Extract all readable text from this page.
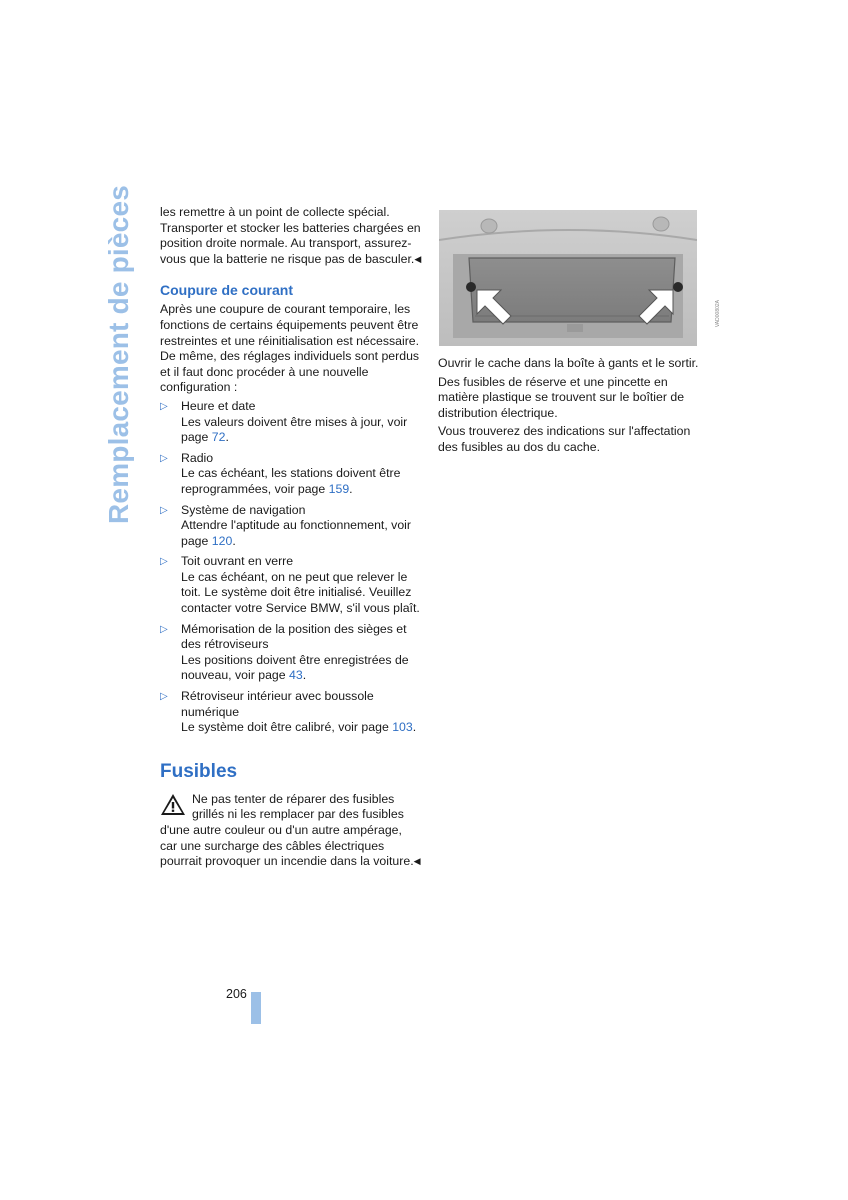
Remplacement de pièces les remettre à un point de collecte spécial. Transporter et stocker les batteries chargées en position droite normale. Au transport, assurez-vous que la batterie ne risque pas de basculer.◀

Coupure de courant

Après une coupure de courant temporaire, les fonctions de certains équipements peuvent être restreintes et une réinitialisation est nécessaire. De même, des réglages individuels sont perdus et il faut donc procéder à une nouvelle configuration :

▷ Heure et date
Les valeurs doivent être mises à jour, voir page 72.
▷ Radio
Le cas échéant, les stations doivent être reprogrammées, voir page 159.
▷ Système de navigation
Attendre l'aptitude au fonctionnement, voir page 120.
▷ Toit ouvrant en verre
Le cas échéant, on ne peut que relever le toit. Le système doit être initialisé. Veuillez contacter votre Service BMW, s'il vous plaît.
▷ Mémorisation de la position des sièges et des rétroviseurs
Les positions doivent être enregistrées de nouveau, voir page 43.
▷ Rétroviseur intérieur avec boussole numérique
Le système doit être calibré, voir page 103.
Fusibles
Ne pas tenter de réparer des fusibles grillés ni les remplacer par des fusibles d'une autre couleur ou d'un autre ampérage, car une surcharge des câbles électriques pourrait provoquer un incendie dans la voiture.◀
VAD00802A

Ouvrir le cache dans la boîte à gants et le sortir.

Des fusibles de réserve et une pincette en matière plastique se trouvent sur le boîtier de distribution électrique.

Vous trouverez des indications sur l'affectation des fusibles au dos du cache.

206
